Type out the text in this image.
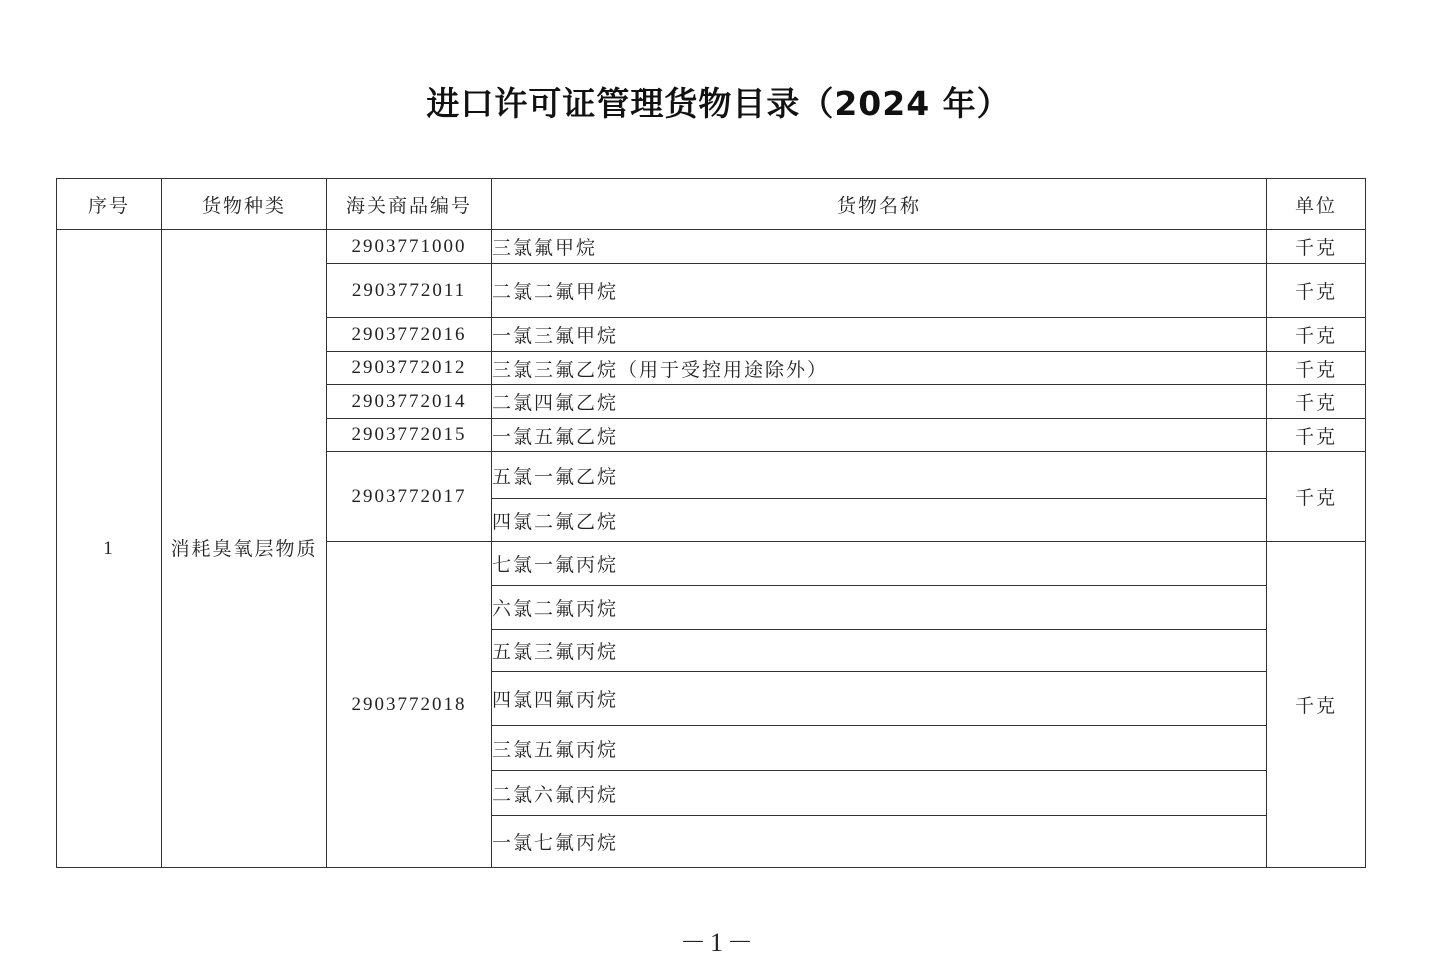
进口许可证管理货物目录（2024 年）
序号	货物种类	海关商品编号	货物名称	单位
1	消耗臭氧层物质	2903771000	三氯氟甲烷	千克
		2903772011	二氯二氟甲烷	千克
		2903772016	一氯三氟甲烷	千克
		2903772012	三氯三氟乙烷（用于受控用途除外）	千克
		2903772014	二氯四氟乙烷	千克
		2903772015	一氯五氟乙烷	千克
		2903772017	五氯一氟乙烷	千克
			四氯二氟乙烷	
		2903772018	七氯一氟丙烷	千克
			六氯二氟丙烷	
			五氯三氟丙烷	
			四氯四氟丙烷	
			三氯五氟丙烷	
			二氯六氟丙烷	
			一氯七氟丙烷	
－1－
